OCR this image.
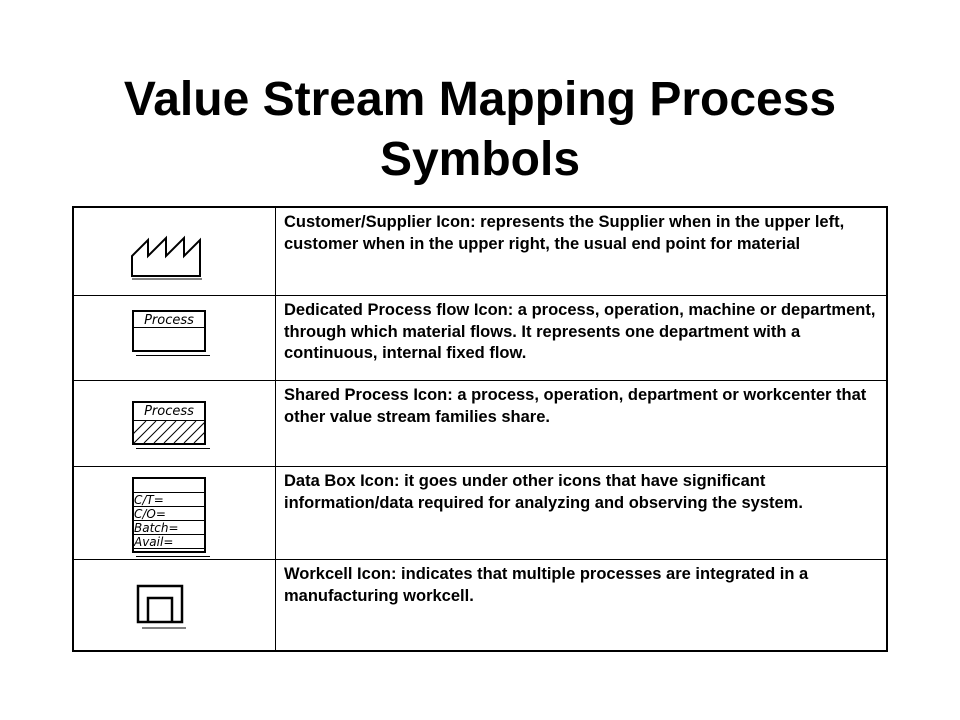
Value Stream Mapping Process
Symbols
Customer/Supplier Icon: represents the Supplier when in the upper left, customer when in the upper right, the usual end point for material
Process
Dedicated Process flow Icon: a process, operation, machine or department, through which material flows. It represents one department with a continuous, internal fixed flow.
Process
Shared Process Icon: a process, operation, department or workcenter that other value stream families share.
C/T=
C/O=
Batch=
Avail=
Data Box Icon: it goes under other icons that have significant information/data required for analyzing and observing the system.
Workcell Icon: indicates that multiple processes are integrated in a manufacturing workcell.
